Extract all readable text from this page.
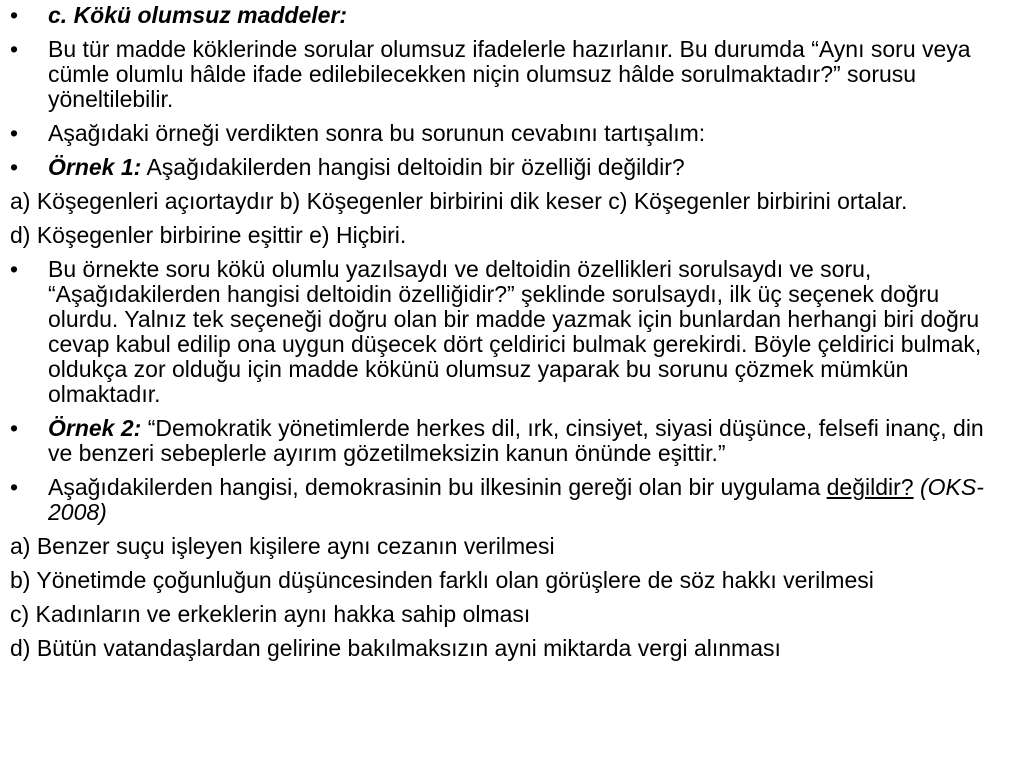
•	c. Kökü olumsuz maddeler:
•	Bu tür madde köklerinde sorular olumsuz ifadelerle hazırlanır. Bu durumda “Aynı soru veya cümle olumlu hâlde ifade edilebilecekken niçin olumsuz hâlde sorulmaktadır?” sorusu yöneltilebilir.
•	Aşağıdaki örneği verdikten sonra bu sorunun cevabını tartışalım:
•	Örnek 1: Aşağıdakilerden hangisi deltoidin bir özelliği değildir?
a) Köşegenleri açıortaydır b) Köşegenler birbirini dik keser c) Köşegenler birbirini ortalar.
d) Köşegenler birbirine eşittir e) Hiçbiri.
•	Bu örnekte soru kökü olumlu yazılsaydı ve deltoidin özellikleri sorulsaydı ve soru, “Aşağıdakilerden hangisi deltoidin özelliğidir?” şeklinde sorulsaydı, ilk üç seçenek doğru olurdu. Yalnız tek seçeneği doğru olan bir madde yazmak için bunlardan herhangi biri doğru cevap kabul edilip ona uygun düşecek dört çeldirici bulmak gerekirdi. Böyle çeldirici bulmak, oldukça zor olduğu için madde kökünü olumsuz yaparak bu sorunu çözmek mümkün olmaktadır.
•	Örnek 2: “Demokratik yönetimlerde herkes dil, ırk, cinsiyet, siyasi düşünce, felsefi inanç, din ve benzeri sebeplerle ayırım gözetilmeksizin kanun önünde eşittir.”
•	Aşağıdakilerden hangisi, demokrasinin bu ilkesinin gereği olan bir uygulama değildir? (OKS-2008)
a) Benzer suçu işleyen kişilere aynı cezanın verilmesi
b) Yönetimde çoğunluğun düşüncesinden farklı olan görüşlere de söz hakkı verilmesi
c) Kadınların ve erkeklerin aynı hakka sahip olması
d) Bütün vatandaşlardan gelirine bakılmaksızın ayni miktarda vergi alınması
